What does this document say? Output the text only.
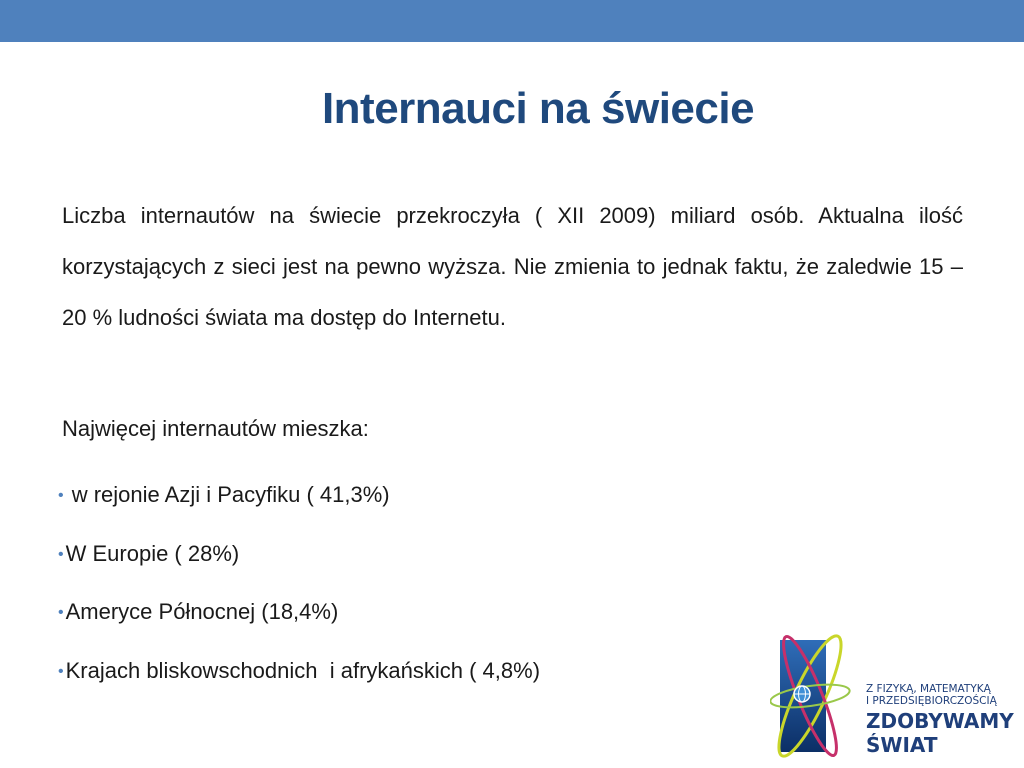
Internauci na świecie

Liczba internautów na świecie przekroczyła ( XII 2009) miliard osób. Aktualna ilość korzystających z sieci jest na pewno wyższa. Nie zmienia to jednak faktu, że zaledwie 15 – 20 % ludności świata ma dostęp do Internetu.

Najwięcej internautów mieszka:

• w rejonie Azji i Pacyfiku ( 41,3%)
•W Europie ( 28%)
•Ameryce Północnej (18,4%)
•Krajach bliskowschodnich  i afrykańskich ( 4,8%)
Z FIZYKĄ, MATEMATYKĄ
I PRZEDSIĘBIORCZOŚCIĄ
ZDOBYWAMY
ŚWIAT
